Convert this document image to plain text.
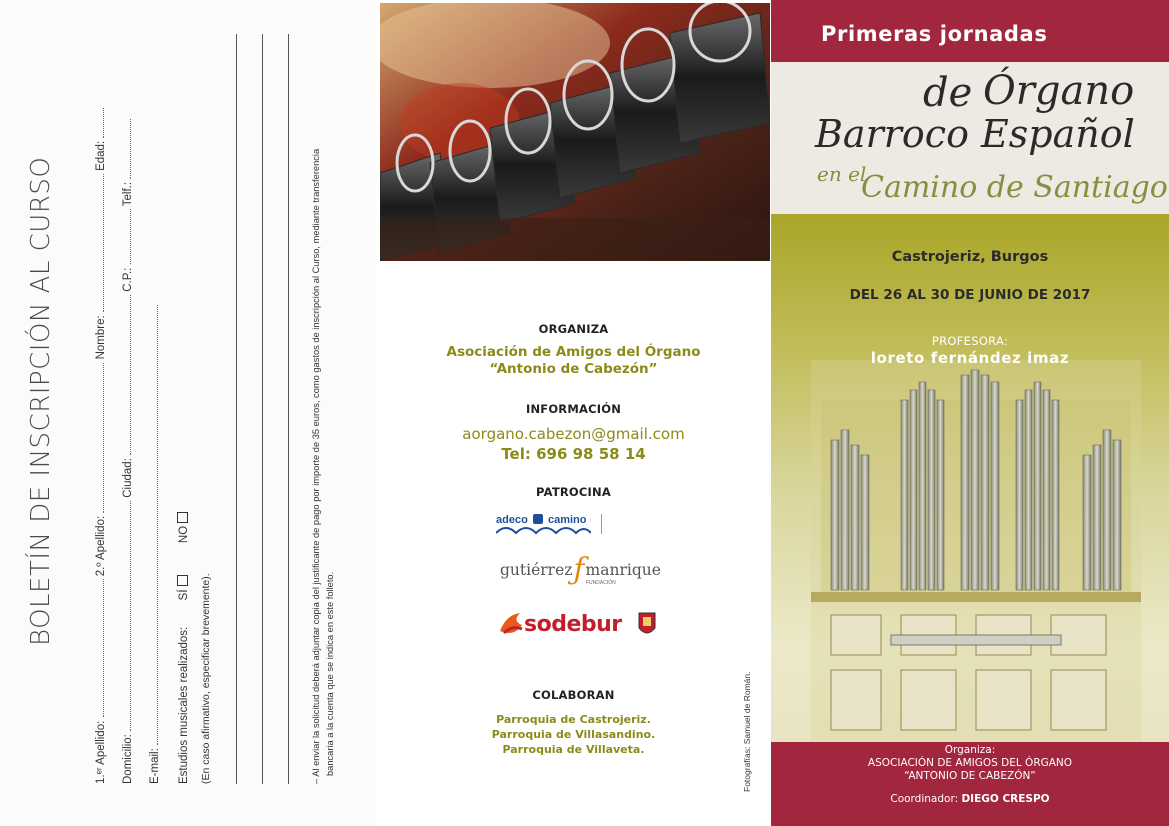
BOLETÍN DE INSCRIPCIÓN AL CURSO
1.ᵉʳ Apellido:  2.º Apellido:  Nombre:  Edad:
Domicilio:  Ciudad:  C.P.:  Telf.:
E-mail: Estudios musicales realizados:  SÍ  NO
(En caso afirmativo, especificar brevemente).	– Al enviar la solicitud deberá adjuntar copia del justificante de pago por importe de 35 euros, como gastos de inscripción al Curso, mediante transferencia bancaria a la cuenta que se indica en este folleto.
ORGANIZA
Asociación de Amigos del Órgano
“Antonio de Cabezón”
INFORMACIÓN
aorgano.cabezon@gmail.com
Tel: 696 98 58 14
PATROCINA
adeco camino
gutiérrezƒmanrique
FUNDACIÓN
sodebur
COLABORAN
Parroquia de Castrojeriz.
Parroquia de Villasandino.
Parroquia de Villaveta.	Fotografías: Samuel de Román.
Primeras jornadas
de Órgano
Barroco Español
en el
Camino de Santiago
Castrojeriz, Burgos
DEL 26 AL 30 DE JUNIO DE 2017
PROFESORA:
loreto fernández imaz
Organiza:
ASOCIACIÓN DE AMIGOS DEL ÓRGANO
“ANTONIO DE CABEZÓN”
Coordinador: DIEGO CRESPO
